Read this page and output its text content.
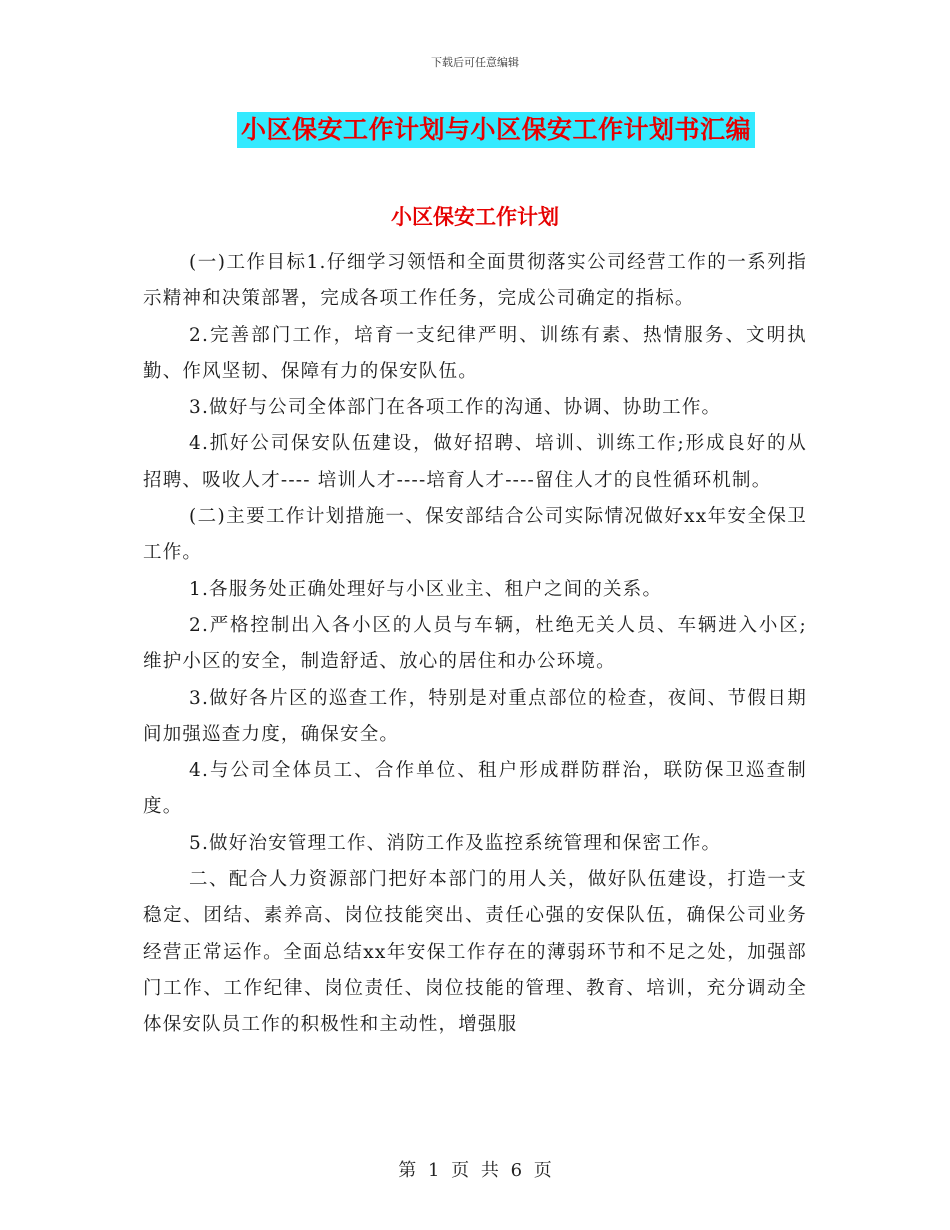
下载后可任意编辑
小区保安工作计划与小区保安工作计划书汇编
小区保安工作计划

(一)工作目标1.仔细学习领悟和全面贯彻落实公司经营工作的一系列指示精神和决策部署，完成各项工作任务，完成公司确定的指标。

2.完善部门工作，培育一支纪律严明、训练有素、热情服务、文明执勤、作风坚韧、保障有力的保安队伍。

3.做好与公司全体部门在各项工作的沟通、协调、协助工作。

4.抓好公司保安队伍建设，做好招聘、培训、训练工作;形成良好的从招聘、吸收人才---- 培训人才----培育人才----留住人才的良性循环机制。

(二)主要工作计划措施一、保安部结合公司实际情况做好xx年安全保卫工作。

1.各服务处正确处理好与小区业主、租户之间的关系。

2.严格控制出入各小区的人员与车辆，杜绝无关人员、车辆进入小区;维护小区的安全，制造舒适、放心的居住和办公环境。

3.做好各片区的巡查工作，特别是对重点部位的检查，夜间、节假日期间加强巡查力度，确保安全。

4.与公司全体员工、合作单位、租户形成群防群治，联防保卫巡查制度。

5.做好治安管理工作、消防工作及监控系统管理和保密工作。

二、配合人力资源部门把好本部门的用人关，做好队伍建设，打造一支稳定、团结、素养高、岗位技能突出、责任心强的安保队伍，确保公司业务经营正常运作。全面总结xx年安保工作存在的薄弱环节和不足之处，加强部门工作、工作纪律、岗位责任、岗位技能的管理、教育、培训，充分调动全体保安队员工作的积极性和主动性，增强服

第 1 页 共 6 页
